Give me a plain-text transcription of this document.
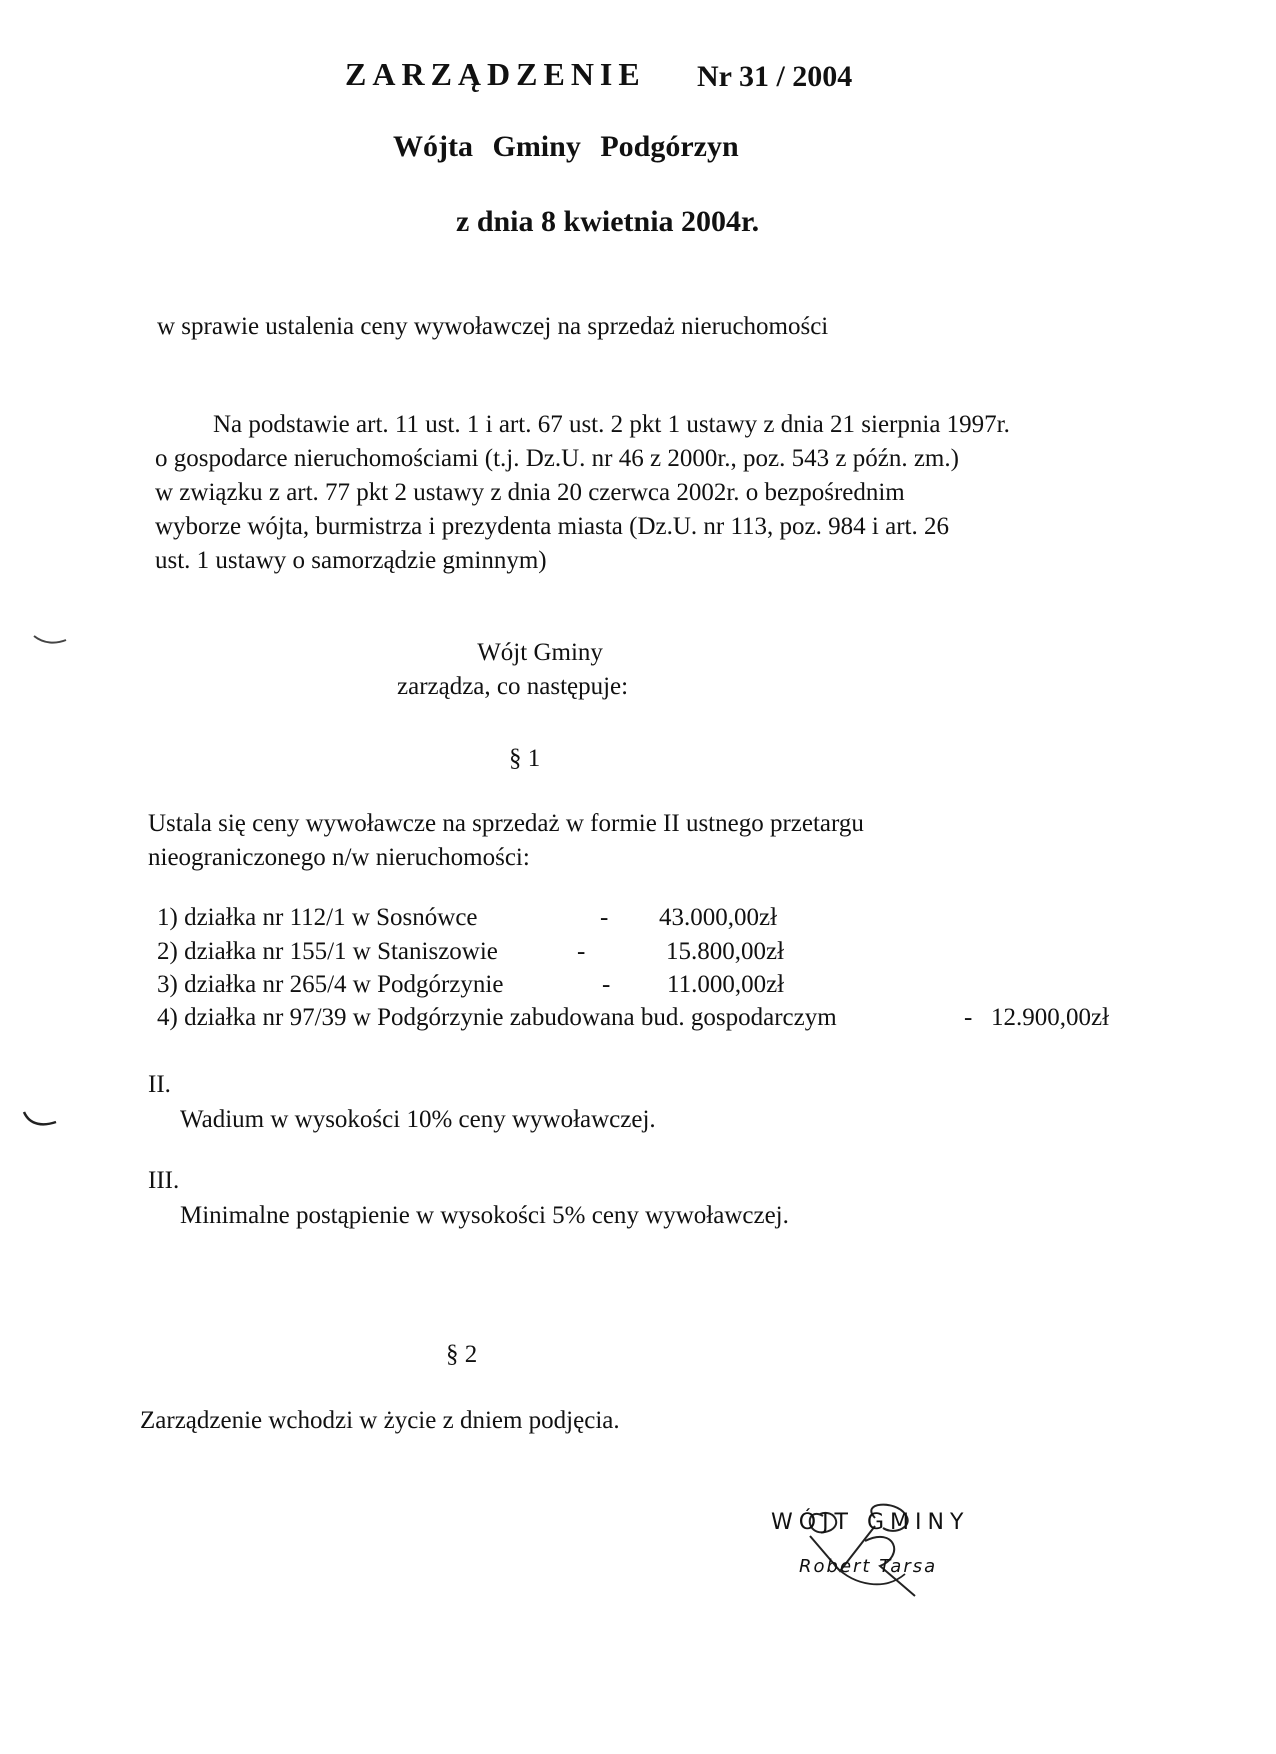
ZARZĄDZENIE Nr 31 / 2004
Wójta Gminy Podgórzyn
z dnia 8 kwietnia 2004r.
w sprawie ustalenia ceny wywoławczej na sprzedaż nieruchomości

Na podstawie art. 11 ust. 1 i art. 67 ust. 2 pkt 1 ustawy z dnia 21 sierpnia 1997r.

o gospodarce nieruchomościami (t.j. Dz.U. nr 46 z 2000r., poz. 543 z późn. zm.)

w związku z art. 77 pkt 2 ustawy z dnia 20 czerwca 2002r. o bezpośrednim

wyborze wójta, burmistrza i prezydenta miasta (Dz.U. nr 113, poz. 984 i art. 26

ust. 1 ustawy o samorządzie gminnym)

Wójt Gminy
zarządza, co następuje:
§ 1
Ustala się ceny wywoławcze na sprzedaż w formie II ustnego przetargu
nieograniczonego n/w nieruchomości:
1) działka nr 112/1 w Sosnówce	- 43.000,00zł
2) działka nr 155/1 w Staniszowie	-	15.800,00zł
3) działka nr 265/4 w Podgórzynie	- 11.000,00zł
4) działka nr 97/39 w Podgórzynie zabudowana bud. gospodarczym	- 12.900,00zł
II.
Wadium w wysokości 10% ceny wywoławczej.
III.
Minimalne postąpienie w wysokości 5% ceny wywoławczej.
§ 2
Zarządzenie wchodzi w życie z dniem podjęcia.
WÓJT GMINY
Robert Tarsa
